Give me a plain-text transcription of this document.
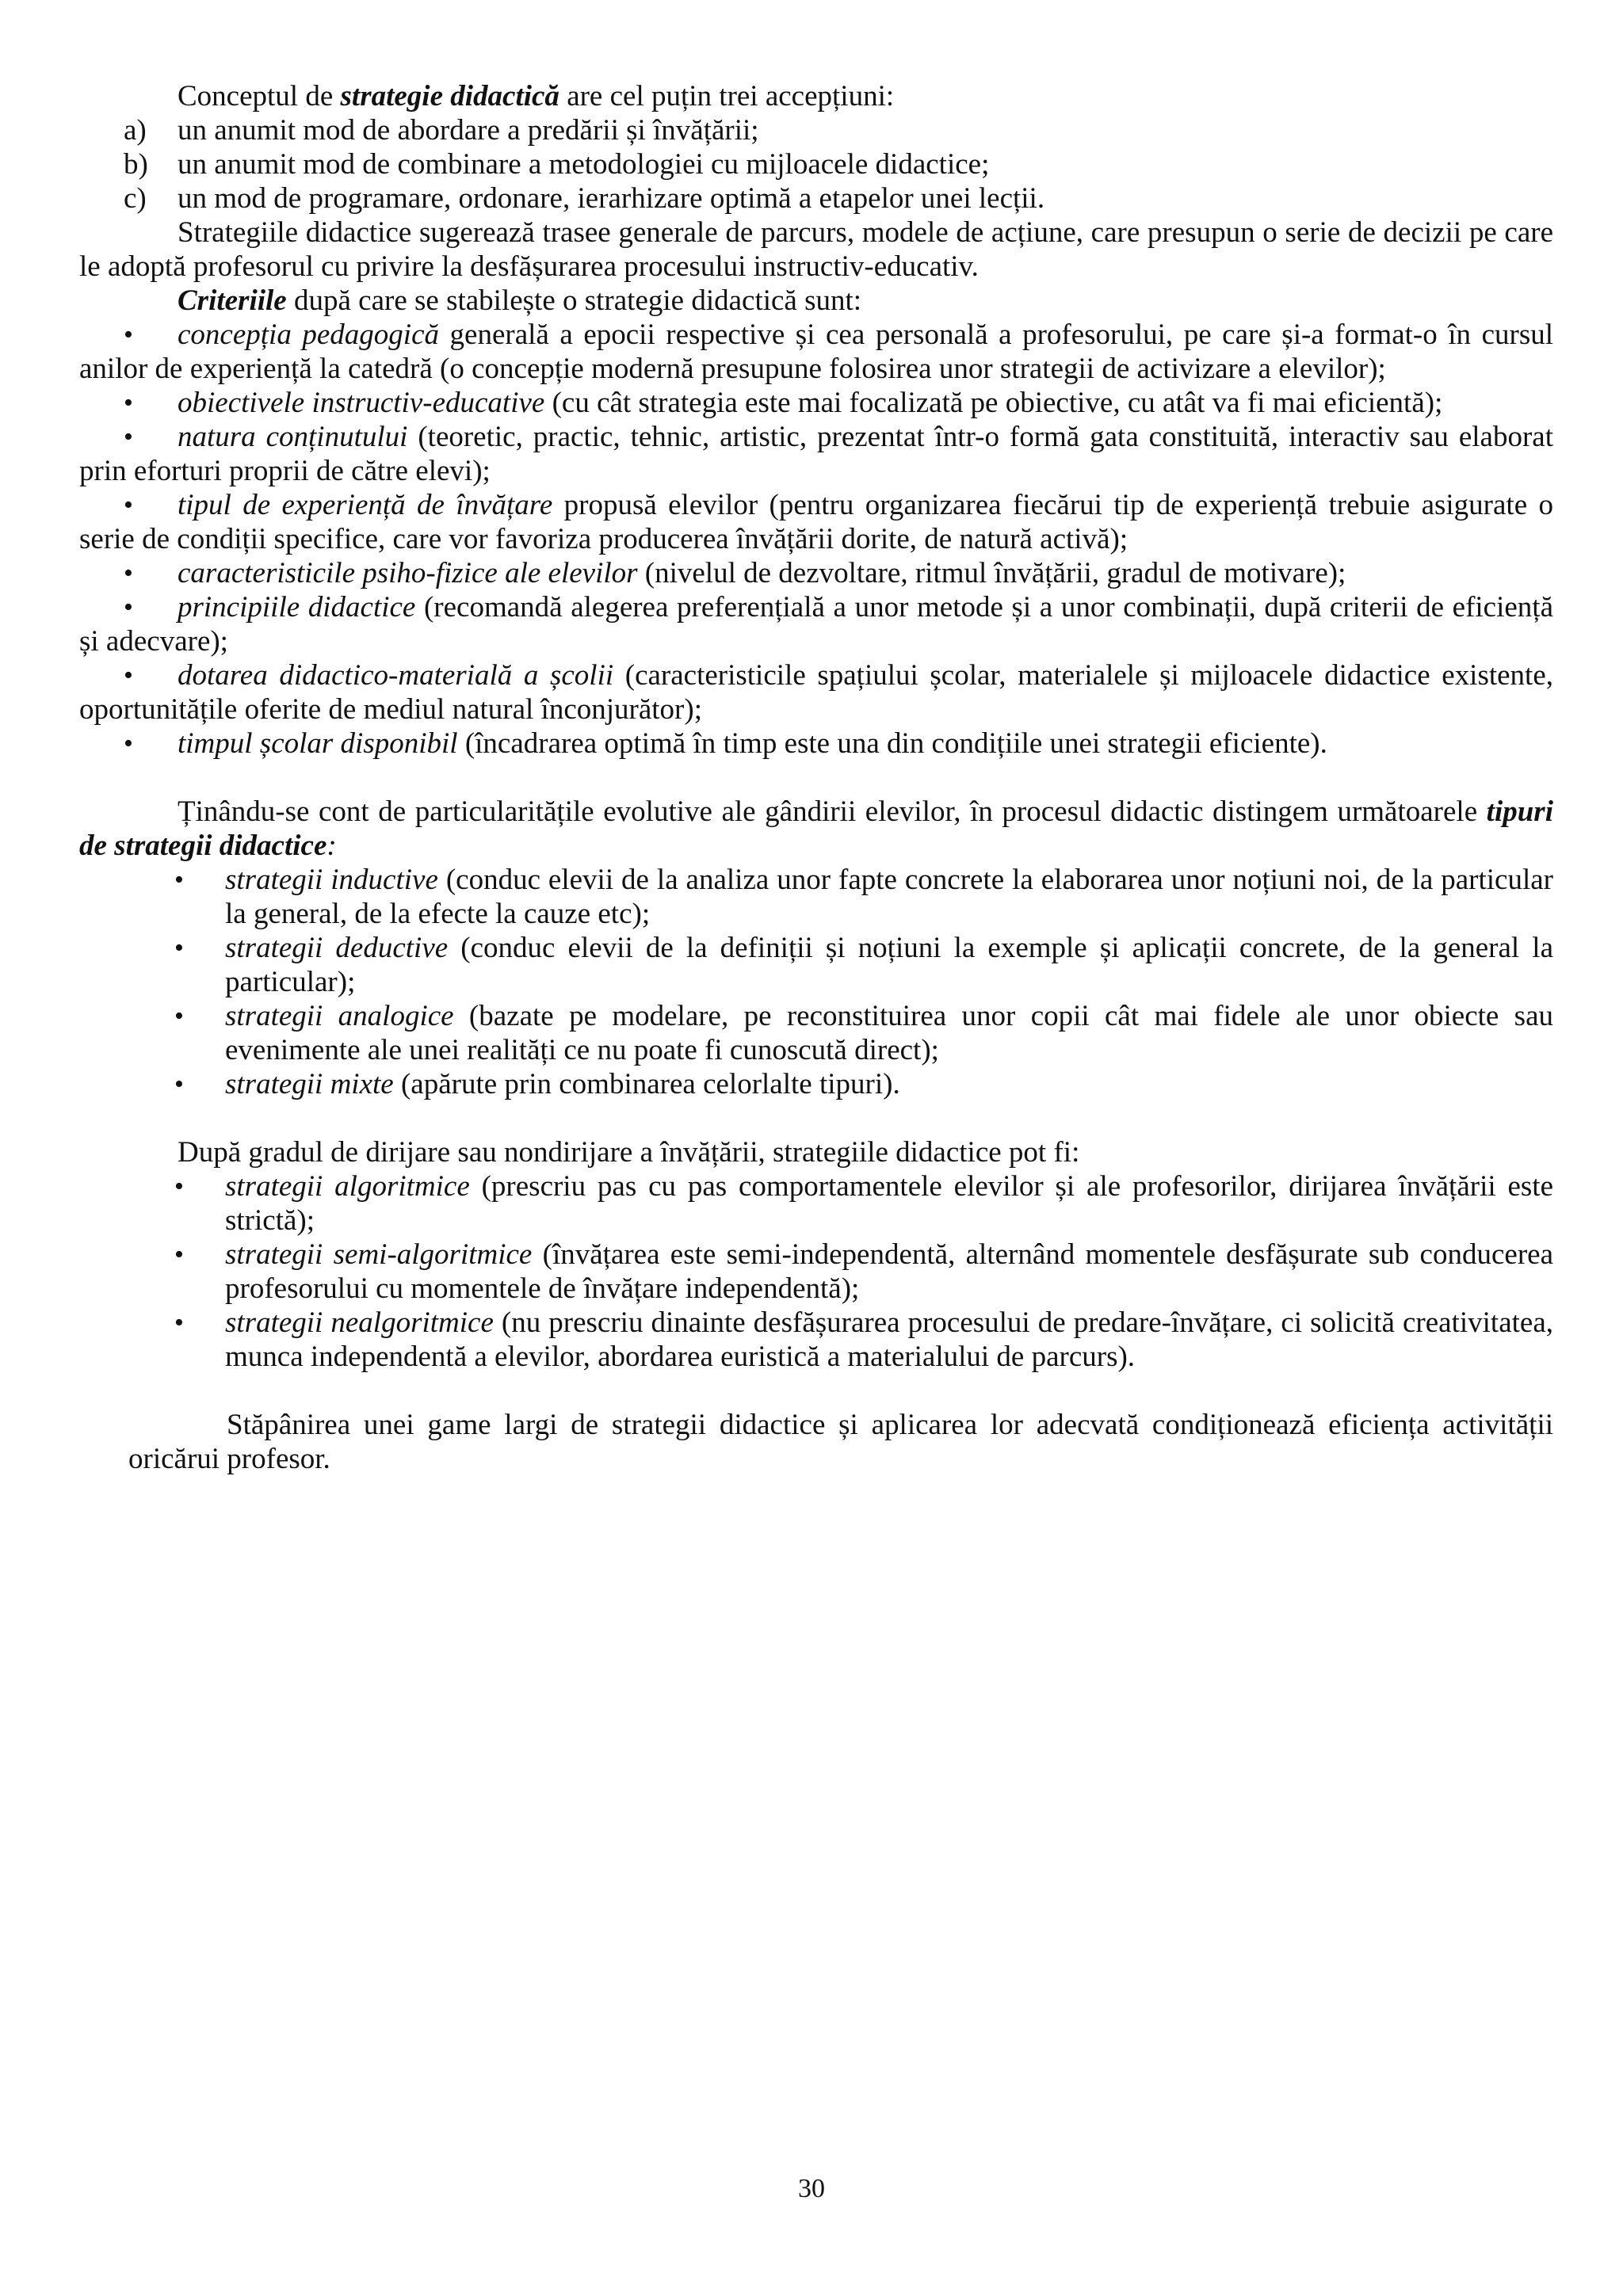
Conceptul de strategie didactică are cel puțin trei accepțiuni:

a) un anumit mod de abordare a predării și învățării;
b) un anumit mod de combinare a metodologiei cu mijloacele didactice;
c) un mod de programare, ordonare, ierarhizare optimă a etapelor unei lecții.

Strategiile didactice sugerează trasee generale de parcurs, modele de acțiune, care presupun o serie de decizii pe care le adoptă profesorul cu privire la desfășurarea procesului instructiv-educativ.

Criteriile după care se stabilește o strategie didactică sunt:

• concepția pedagogică generală a epocii respective și cea personală a profesorului, pe care și-a format-o în cursul anilor de experiență la catedră (o concepție modernă presupune folosirea unor strategii de activizare a elevilor);
• obiectivele instructiv-educative (cu cât strategia este mai focalizată pe obiective, cu atât va fi mai eficientă);
• natura conținutului (teoretic, practic, tehnic, artistic, prezentat într-o formă gata constituită, interactiv sau elaborat prin eforturi proprii de către elevi);
• tipul de experiență de învățare propusă elevilor (pentru organizarea fiecărui tip de experiență trebuie asigurate o serie de condiții specifice, care vor favoriza producerea învățării dorite, de natură activă);
• caracteristicile psiho-fizice ale elevilor (nivelul de dezvoltare, ritmul învățării, gradul de motivare);
• principiile didactice (recomandă alegerea preferențială a unor metode și a unor combinații, după criterii de eficiență și adecvare);
• dotarea didactico-materială a școlii (caracteristicile spațiului școlar, materialele și mijloacele didactice existente, oportunitățile oferite de mediul natural înconjurător);
• timpul școlar disponibil (încadrarea optimă în timp este una din condițiile unei strategii eficiente).

Ținându-se cont de particularitățile evolutive ale gândirii elevilor, în procesul didactic distingem următoarele tipuri de strategii didactice:

• strategii inductive (conduc elevii de la analiza unor fapte concrete la elaborarea unor noțiuni noi, de la particular la general, de la efecte la cauze etc);
• strategii deductive (conduc elevii de la definiții și noțiuni la exemple și aplicații concrete, de la general la particular);
• strategii analogice (bazate pe modelare, pe reconstituirea unor copii cât mai fidele ale unor obiecte sau evenimente ale unei realități ce nu poate fi cunoscută direct);
• strategii mixte (apărute prin combinarea celorlalte tipuri).

După gradul de dirijare sau nondirijare a învățării, strategiile didactice pot fi:

• strategii algoritmice (prescriu pas cu pas comportamentele elevilor și ale profesorilor, dirijarea învățării este strictă);
• strategii semi-algoritmice (învățarea este semi-independentă, alternând momentele desfășurate sub conducerea profesorului cu momentele de învățare independentă);
• strategii nealgoritmice (nu prescriu dinainte desfășurarea procesului de predare-învățare, ci solicită creativitatea, munca independentă a elevilor, abordarea euristică a materialului de parcurs).

Stăpânirea unei game largi de strategii didactice și aplicarea lor adecvată condiționează eficiența activității oricărui profesor.

30
